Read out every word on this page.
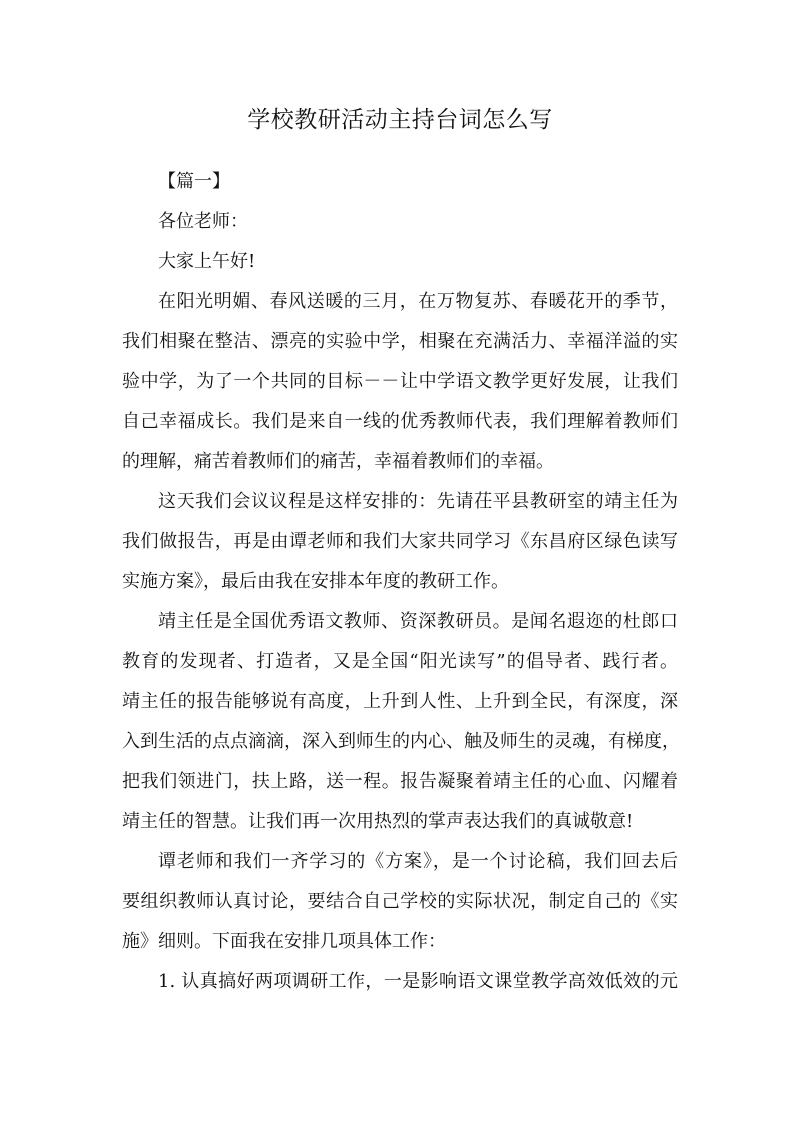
学校教研活动主持台词怎么写
【篇一】
各位老师：
大家上午好!

在阳光明媚、春风送暖的三月，在万物复苏、春暖花开的季节，
我们相聚在整洁、漂亮的实验中学，相聚在充满活力、幸福洋溢的实
验中学，为了一个共同的目标－－让中学语文教学更好发展，让我们
自己幸福成长。我们是来自一线的优秀教师代表，我们理解着教师们
的理解，痛苦着教师们的痛苦，幸福着教师们的幸福。

这天我们会议议程是这样安排的：先请茌平县教研室的靖主任为
我们做报告，再是由谭老师和我们大家共同学习《东昌府区绿色读写
实施方案》，最后由我在安排本年度的教研工作。

靖主任是全国优秀语文教师、资深教研员。是闻名遐迩的杜郎口
教育的发现者、打造者，又是全国“阳光读写”的倡导者、践行者。
靖主任的报告能够说有高度，上升到人性、上升到全民，有深度，深
入到生活的点点滴滴，深入到师生的内心、触及师生的灵魂，有梯度，
把我们领进门，扶上路，送一程。报告凝聚着靖主任的心血、闪耀着
靖主任的智慧。让我们再一次用热烈的掌声表达我们的真诚敬意!

谭老师和我们一齐学习的《方案》，是一个讨论稿，我们回去后
要组织教师认真讨论，要结合自己学校的实际状况，制定自己的《实
施》细则。下面我在安排几项具体工作：

1. 认真搞好两项调研工作，一是影响语文课堂教学高效低效的元
